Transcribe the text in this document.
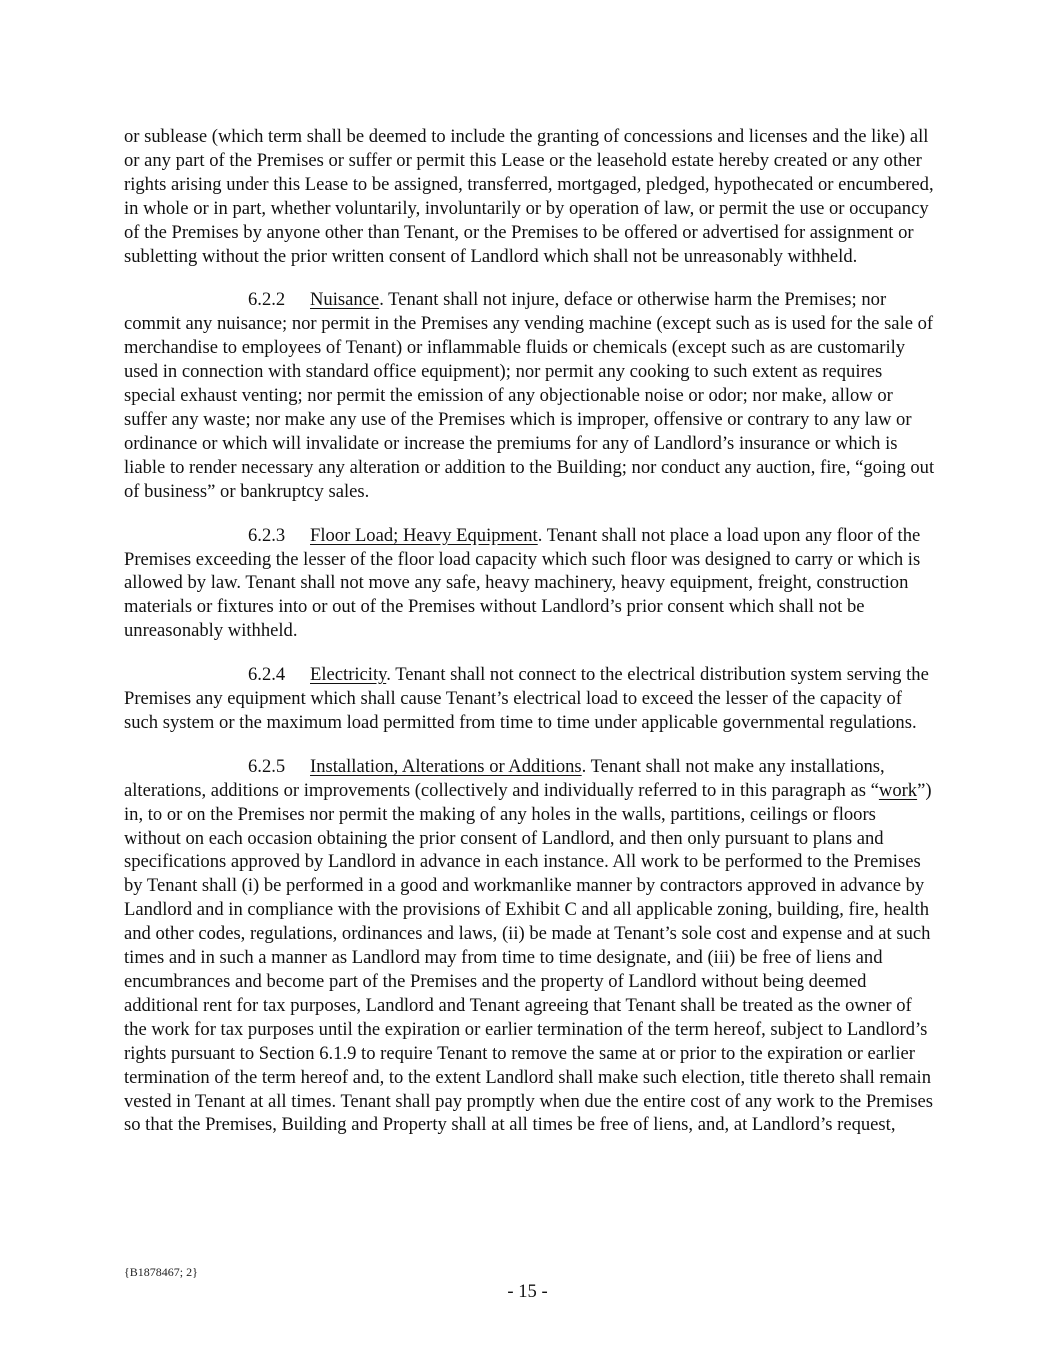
or sublease (which term shall be deemed to include the granting of concessions and licenses and the like) all or any part of the Premises or suffer or permit this Lease or the leasehold estate hereby created or any other rights arising under this Lease to be assigned, transferred, mortgaged, pledged, hypothecated or encumbered, in whole or in part, whether voluntarily, involuntarily or by operation of law, or permit the use or occupancy of the Premises by anyone other than Tenant, or the Premises to be offered or advertised for assignment or subletting without the prior written consent of Landlord which shall not be unreasonably withheld.

6.2.2 Nuisance. Tenant shall not injure, deface or otherwise harm the Premises; nor commit any nuisance; nor permit in the Premises any vending machine (except such as is used for the sale of merchandise to employees of Tenant) or inflammable fluids or chemicals (except such as are customarily used in connection with standard office equipment); nor permit any cooking to such extent as requires special exhaust venting; nor permit the emission of any objectionable noise or odor; nor make, allow or suffer any waste; nor make any use of the Premises which is improper, offensive or contrary to any law or ordinance or which will invalidate or increase the premiums for any of Landlord’s insurance or which is liable to render necessary any alteration or addition to the Building; nor conduct any auction, fire, “going out of business” or bankruptcy sales.

6.2.3 Floor Load; Heavy Equipment. Tenant shall not place a load upon any floor of the Premises exceeding the lesser of the floor load capacity which such floor was designed to carry or which is allowed by law. Tenant shall not move any safe, heavy machinery, heavy equipment, freight, construction materials or fixtures into or out of the Premises without Landlord’s prior consent which shall not be unreasonably withheld.

6.2.4 Electricity. Tenant shall not connect to the electrical distribution system serving the Premises any equipment which shall cause Tenant’s electrical load to exceed the lesser of the capacity of such system or the maximum load permitted from time to time under applicable governmental regulations.

6.2.5 Installation, Alterations or Additions. Tenant shall not make any installations, alterations, additions or improvements (collectively and individually referred to in this paragraph as “work”) in, to or on the Premises nor permit the making of any holes in the walls, partitions, ceilings or floors without on each occasion obtaining the prior consent of Landlord, and then only pursuant to plans and specifications approved by Landlord in advance in each instance. All work to be performed to the Premises by Tenant shall (i) be performed in a good and workmanlike manner by contractors approved in advance by Landlord and in compliance with the provisions of Exhibit C and all applicable zoning, building, fire, health and other codes, regulations, ordinances and laws, (ii) be made at Tenant’s sole cost and expense and at such times and in such a manner as Landlord may from time to time designate, and (iii) be free of liens and encumbrances and become part of the Premises and the property of Landlord without being deemed additional rent for tax purposes, Landlord and Tenant agreeing that Tenant shall be treated as the owner of the work for tax purposes until the expiration or earlier termination of the term hereof, subject to Landlord’s rights pursuant to Section 6.1.9 to require Tenant to remove the same at or prior to the expiration or earlier termination of the term hereof and, to the extent Landlord shall make such election, title thereto shall remain vested in Tenant at all times. Tenant shall pay promptly when due the entire cost of any work to the Premises so that the Premises, Building and Property shall at all times be free of liens, and, at Landlord’s request,

{B1878467; 2}
- 15 -
